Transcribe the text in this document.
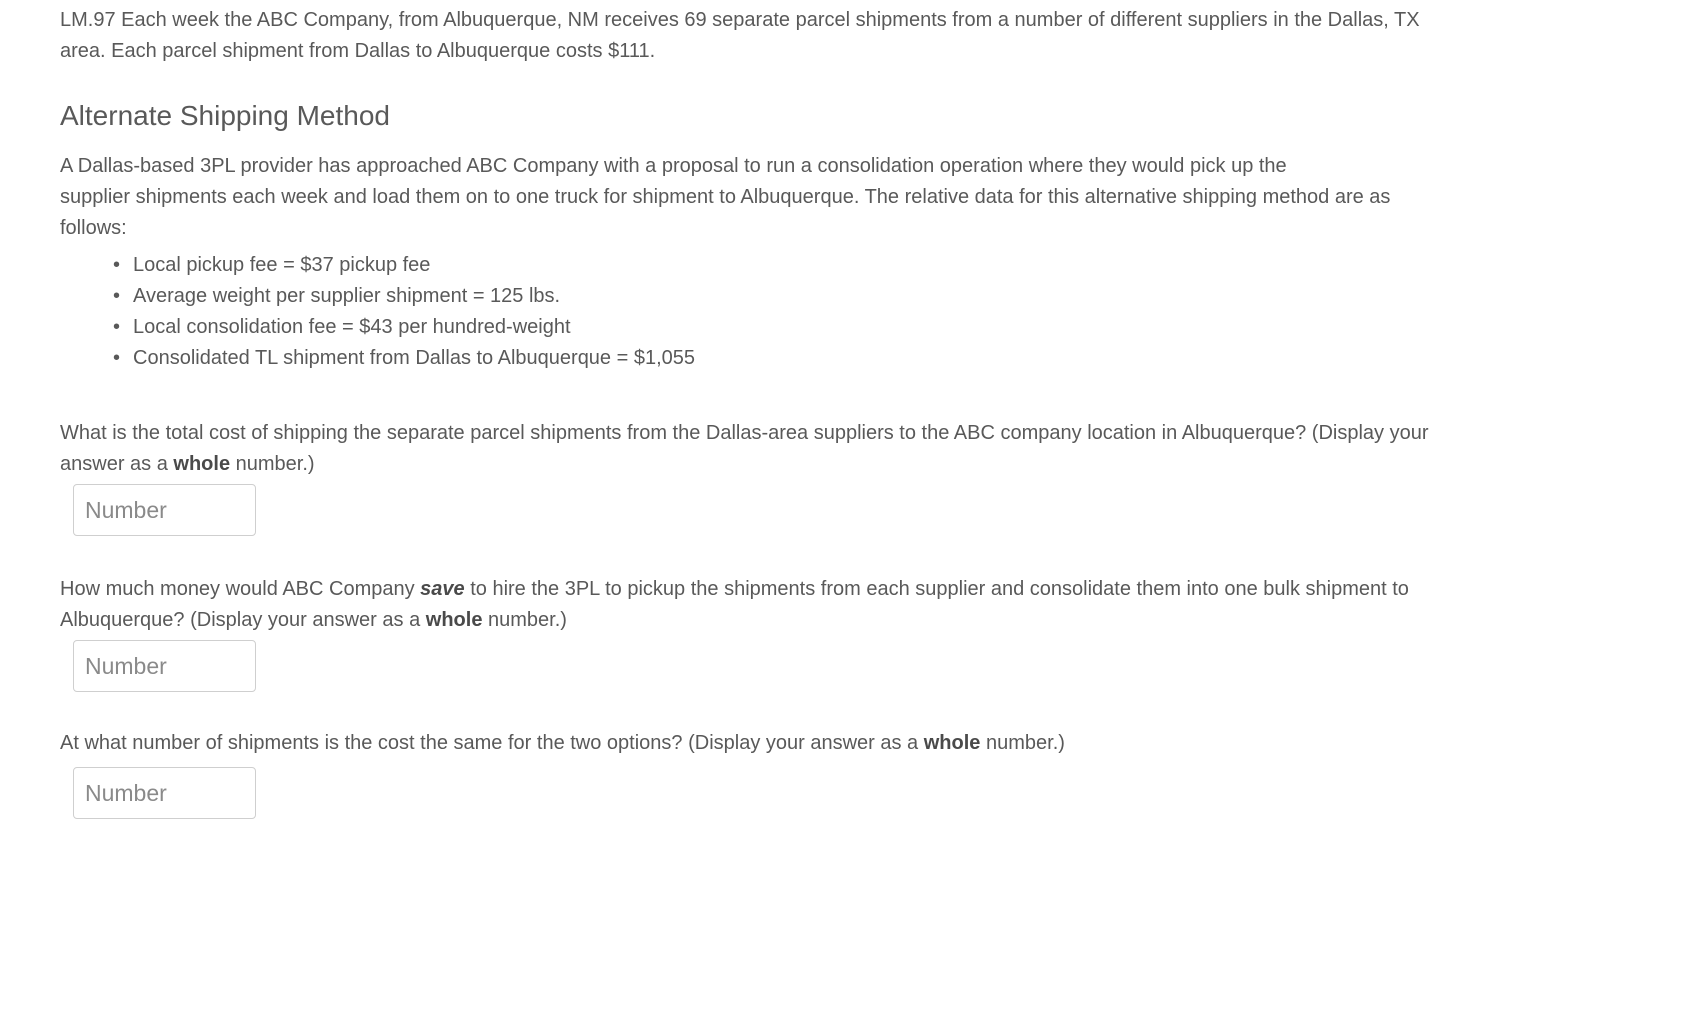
LM.97 Each week the ABC Company, from Albuquerque, NM receives 69 separate parcel shipments from a number of different suppliers in the Dallas, TX

area. Each parcel shipment from Dallas to Albuquerque costs $111.

Alternate Shipping Method

A Dallas-based 3PL provider has approached ABC Company with a proposal to run a consolidation operation where they would pick up the

supplier shipments each week and load them on to one truck for shipment to Albuquerque. The relative data for this alternative shipping method are as

follows:

• Local pickup fee = $37 pickup fee
• Average weight per supplier shipment = 125 lbs.
• Local consolidation fee = $43 per hundred-weight
• Consolidated TL shipment from Dallas to Albuquerque = $1,055

What is the total cost of shipping the separate parcel shipments from the Dallas-area suppliers to the ABC company location in Albuquerque? (Display your

answer as a whole number.)

Number

How much money would ABC Company save to hire the 3PL to pickup the shipments from each supplier and consolidate them into one bulk shipment to

Albuquerque? (Display your answer as a whole number.)

Number

At what number of shipments is the cost the same for the two options? (Display your answer as a whole number.)

Number
